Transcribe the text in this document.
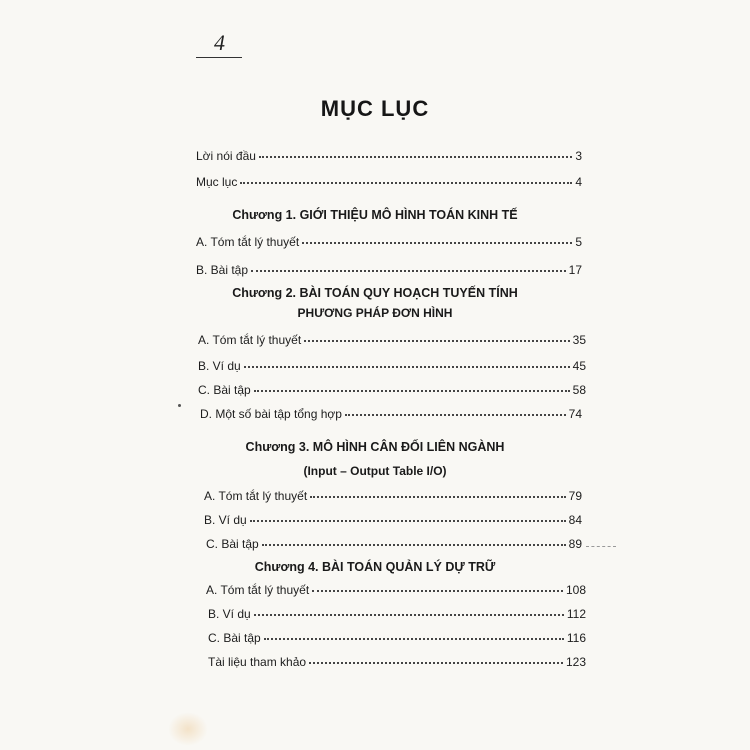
4
MỤC LỤC
Lời nói đầu	3
Mục lục	4
Chương 1. GIỚI THIỆU MÔ HÌNH TOÁN KINH TẾ
A. Tóm tắt lý thuyết	5
B. Bài tập	17
Chương 2. BÀI TOÁN QUY HOẠCH TUYẾN TÍNH
PHƯƠNG PHÁP ĐƠN HÌNH
A. Tóm tắt lý thuyết	35
B. Ví dụ	45
C. Bài tập	58
D. Một số bài tập tổng hợp	74
Chương 3. MÔ HÌNH CÂN ĐỐI LIÊN NGÀNH
(Input – Output Table I/O)
A. Tóm tắt lý thuyết	79
B. Ví dụ	84
C. Bài tập	89
Chương 4. BÀI TOÁN QUẢN LÝ DỰ TRỮ
A. Tóm tắt lý thuyết	108
B. Ví dụ	112
C. Bài tập	116
Tài liệu tham khảo	123
